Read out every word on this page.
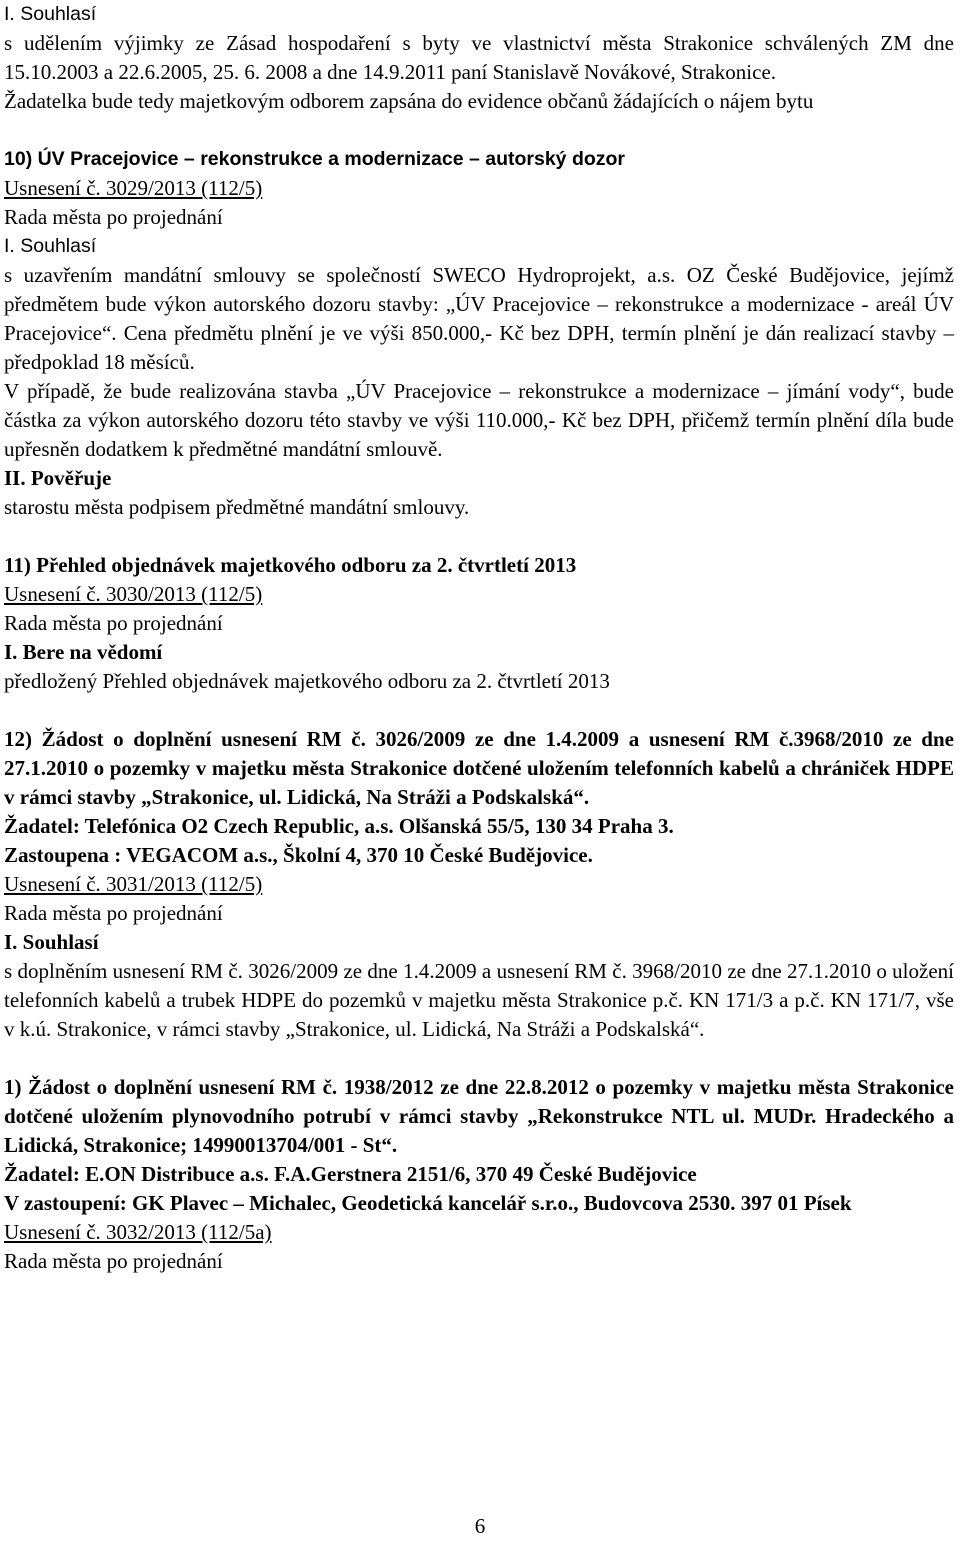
I. Souhlasí

s udělením výjimky ze Zásad hospodaření s byty ve vlastnictví města Strakonice schválených ZM dne 15.10.2003 a 22.6.2005, 25. 6. 2008 a dne 14.9.2011 paní Stanislavě Novákové, Strakonice.

Žadatelka bude tedy majetkovým odborem zapsána do evidence občanů žádajících o nájem bytu

10) ÚV Pracejovice – rekonstrukce a modernizace – autorský dozor

Usnesení č. 3029/2013 (112/5)

Rada města po projednání

I. Souhlasí

s uzavřením mandátní smlouvy se společností SWECO Hydroprojekt, a.s. OZ České Budějovice, jejímž předmětem bude výkon autorského dozoru stavby: „ÚV Pracejovice – rekonstrukce a modernizace - areál ÚV Pracejovice“. Cena předmětu plnění je ve výši 850.000,- Kč bez DPH, termín plnění je dán realizací stavby – předpoklad 18 měsíců.

V případě, že bude realizována stavba „ÚV Pracejovice – rekonstrukce a modernizace – jímání vody“, bude částka za výkon autorského dozoru této stavby ve výši 110.000,- Kč bez DPH, přičemž termín plnění díla bude upřesněn dodatkem k předmětné mandátní smlouvě.

II. Pověřuje

starostu města podpisem předmětné mandátní smlouvy.

11) Přehled objednávek majetkového odboru za 2. čtvrtletí 2013

Usnesení č. 3030/2013 (112/5)

Rada města po projednání

I. Bere na vědomí

předložený Přehled objednávek majetkového odboru za 2. čtvrtletí 2013

12) Žádost o doplnění usnesení RM č. 3026/2009 ze dne 1.4.2009 a usnesení RM č.3968/2010 ze dne 27.1.2010 o pozemky v majetku města Strakonice dotčené uložením telefonních kabelů a chrániček HDPE v rámci stavby „Strakonice, ul. Lidická, Na Stráži a Podskalská“.

Žadatel: Telefónica O2 Czech Republic, a.s. Olšanská 55/5, 130 34 Praha 3.

Zastoupena : VEGACOM a.s., Školní 4, 370 10 České Budějovice.

Usnesení č. 3031/2013 (112/5)

Rada města po projednání

I. Souhlasí

s doplněním usnesení RM č. 3026/2009 ze dne 1.4.2009 a usnesení RM č. 3968/2010 ze dne 27.1.2010 o uložení telefonních kabelů a trubek HDPE do pozemků v majetku města Strakonice p.č. KN 171/3 a p.č. KN 171/7, vše v k.ú. Strakonice, v rámci stavby „Strakonice, ul. Lidická, Na Stráži a Podskalská“.

1) Žádost o doplnění usnesení RM č. 1938/2012 ze dne 22.8.2012 o pozemky v majetku města Strakonice dotčené uložením plynovodního potrubí v rámci stavby „Rekonstrukce NTL ul. MUDr. Hradeckého a Lidická, Strakonice; 14990013704/001 - St“.

Žadatel: E.ON Distribuce a.s. F.A.Gerstnera 2151/6, 370 49 České Budějovice

V zastoupení: GK Plavec – Michalec, Geodetická kancelář s.r.o., Budovcova 2530. 397 01 Písek

Usnesení č. 3032/2013 (112/5a)

Rada města po projednání

6
